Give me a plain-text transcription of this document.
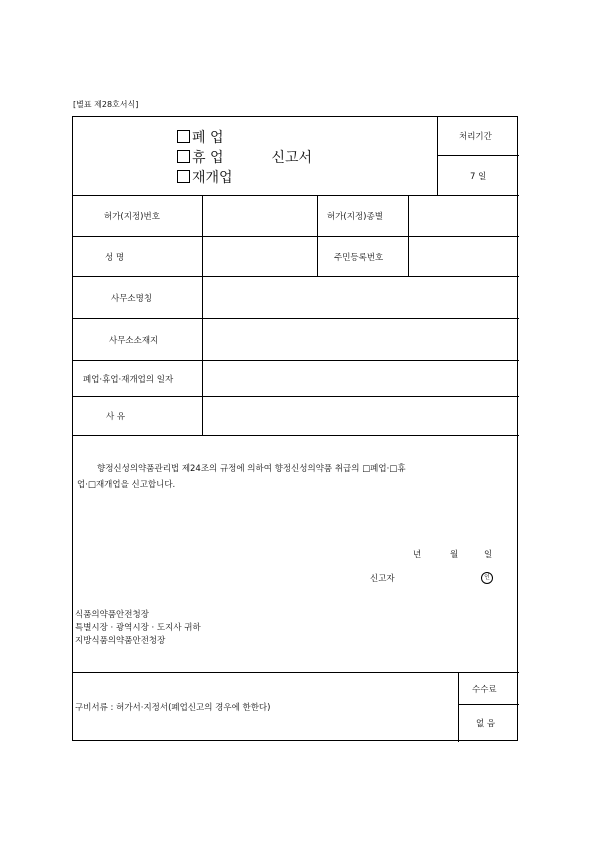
[별표 제28호서식]
폐 업
휴 업	신고서
재개업
처리기간
7 일
허가(지정)번호	허가(지정)종별
성 명	주민등록번호
사무소명칭
사무소소재지
폐업·휴업·재개업의 일자
사 유
향정신성의약품관리법 제24조의 규정에 의하여 향정신성의약품 취급의 □폐업·□휴
업·□재개업을 신고합니다.
년	월	일
신고자	인
식품의약품안전청장
특별시장 · 광역시장 · 도지사 귀하
지방식품의약품안전청장
구비서류 : 허가서·지정서(폐업신고의 경우에 한한다)
수수료
없 음
